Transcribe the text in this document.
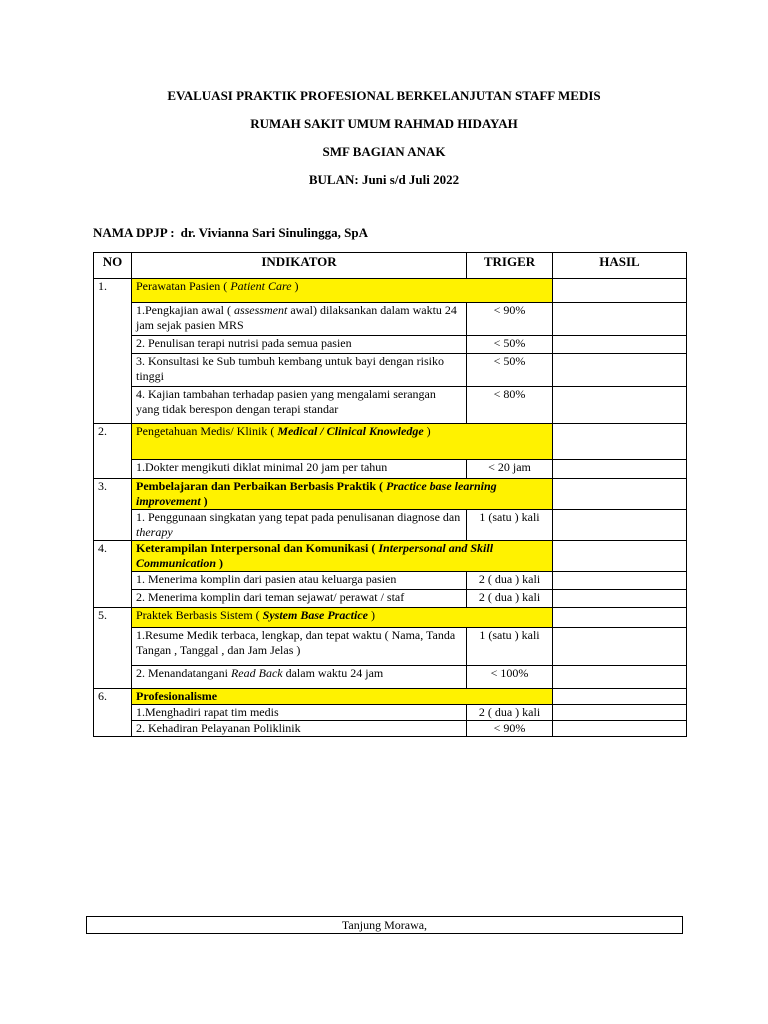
EVALUASI PRAKTIK PROFESIONAL BERKELANJUTAN STAFF MEDIS
RUMAH SAKIT UMUM RAHMAD HIDAYAH
SMF BAGIAN ANAK
BULAN: Juni s/d Juli 2022
NAMA DPJP : dr. Vivianna Sari Sinulingga, SpA
NO	INDIKATOR	TRIGER	HASIL
1.	Perawatan Pasien ( Patient Care )		
	1.Pengkajian awal ( assessment awal) dilaksankan dalam waktu 24 jam sejak pasien MRS	< 90%	
	2. Penulisan terapi nutrisi pada semua pasien	< 50%	
	3. Konsultasi ke Sub tumbuh kembang untuk bayi dengan risiko tinggi	< 50%	
	4. Kajian tambahan terhadap pasien yang mengalami serangan yang tidak berespon dengan terapi standar	< 80%	
2.	Pengetahuan Medis/ Klinik ( Medical / Clinical Knowledge )		
	1.Dokter mengikuti diklat minimal 20 jam per tahun	< 20 jam	
3.	Pembelajaran dan Perbaikan Berbasis Praktik ( Practice base learning improvement )		
	1. Penggunaan singkatan yang tepat pada penulisanan diagnose dan therapy	1 (satu ) kali	
4.	Keterampilan Interpersonal dan Komunikasi ( Interpersonal and Skill Communication )		
	1. Menerima komplin dari pasien atau keluarga pasien	2 ( dua ) kali	
	2. Menerima komplin dari teman sejawat/ perawat / staf	2 ( dua ) kali	
5.	Praktek Berbasis Sistem ( System Base Practice )		
	1.Resume Medik terbaca, lengkap, dan tepat waktu ( Nama, Tanda Tangan , Tanggal , dan Jam Jelas )	1 (satu ) kali	
	2. Menandatangani Read Back dalam waktu 24 jam	< 100%	
6.	Profesionalisme		
	1.Menghadiri rapat tim medis	2 ( dua ) kali	
	2. Kehadiran Pelayanan Poliklinik	< 90%	
Tanjung Morawa,
